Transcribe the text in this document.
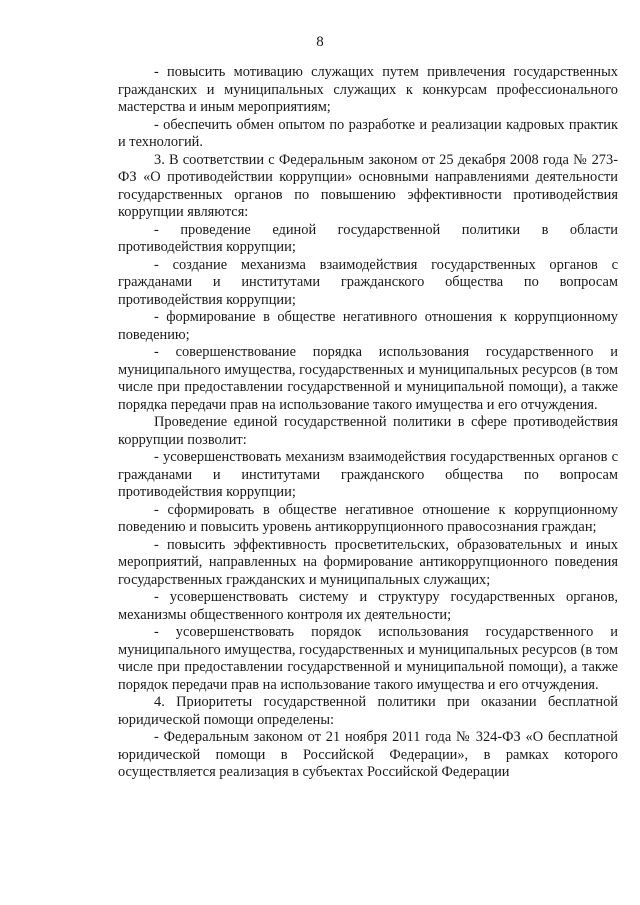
8

- повысить мотивацию служащих путем привлечения государственных гражданских и муниципальных служащих к конкурсам профессионального мастерства и иным мероприятиям;

- обеспечить обмен опытом по разработке и реализации кадровых практик и технологий.

3. В соответствии с Федеральным законом от 25 декабря 2008 года № 273-ФЗ «О противодействии коррупции» основными направлениями деятельности государственных органов по повышению эффективности противодействия коррупции являются:

- проведение единой государственной политики в области противодействия коррупции;

- создание механизма взаимодействия государственных органов с гражданами и институтами гражданского общества по вопросам противодействия коррупции;

- формирование в обществе негативного отношения к коррупционному поведению;

- совершенствование порядка использования государственного и муниципального имущества, государственных и муниципальных ресурсов (в том числе при предоставлении государственной и муниципальной помощи), а также порядка передачи прав на использование такого имущества и его отчуждения.

Проведение единой государственной политики в сфере противодействия коррупции позволит:

- усовершенствовать механизм взаимодействия государственных органов с гражданами и институтами гражданского общества по вопросам противодействия коррупции;

- сформировать в обществе негативное отношение к коррупционному поведению и повысить уровень антикоррупционного правосознания граждан;

- повысить эффективность просветительских, образовательных и иных мероприятий, направленных на формирование антикоррупционного поведения государственных гражданских и муниципальных служащих;

- усовершенствовать систему и структуру государственных органов, механизмы общественного контроля их деятельности;

- усовершенствовать порядок использования государственного и муниципального имущества, государственных и муниципальных ресурсов (в том числе при предоставлении государственной и муниципальной помощи), а также порядок передачи прав на использование такого имущества и его отчуждения.

4. Приоритеты государственной политики при оказании бесплатной юридической помощи определены:

- Федеральным законом от 21 ноября 2011 года № 324-ФЗ «О бесплатной юридической помощи в Российской Федерации», в рамках которого осуществляется реализация в субъектах Российской Федерации
